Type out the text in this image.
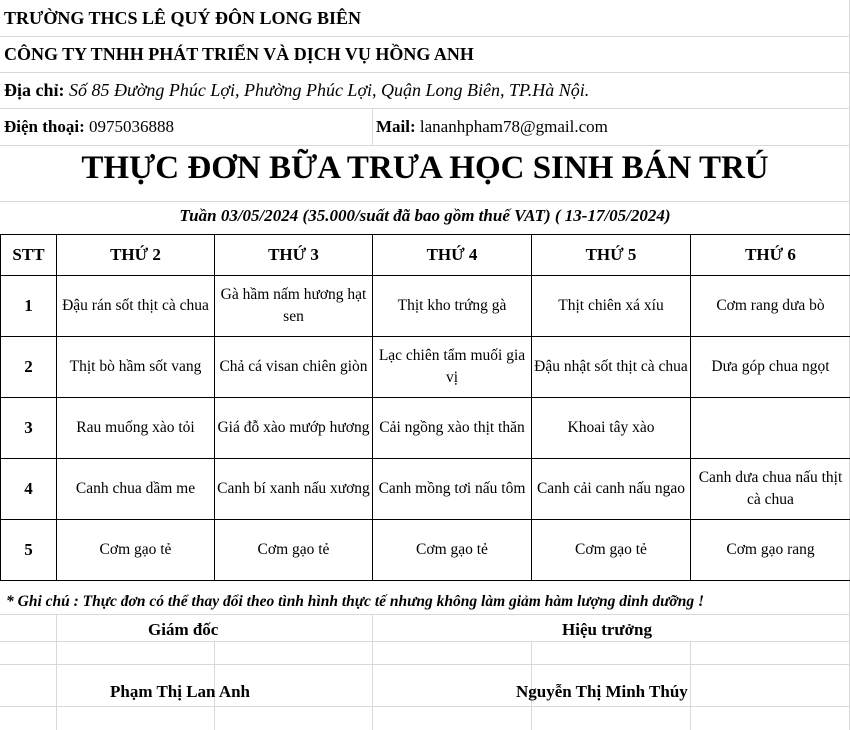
TRƯỜNG THCS LÊ QUÝ ĐÔN LONG BIÊN
CÔNG TY TNHH PHÁT TRIỂN VÀ DỊCH VỤ HỒNG ANH
Địa chỉ: Số 85 Đường Phúc Lợi, Phường Phúc Lợi, Quận Long Biên, TP.Hà Nội.
Điện thoại: 0975036888	Mail: lananhpham78@gmail.com
THỰC ĐƠN BỮA TRƯA HỌC SINH BÁN TRÚ
Tuần 03/05/2024 (35.000/suất đã bao gồm thuế VAT) ( 13-17/05/2024)
STT	THỨ 2	THỨ 3	THỨ 4	THỨ 5	THỨ 6
1	Đậu rán sốt thịt cà chua	Gà hầm nấm hương hạt sen	Thịt kho trứng gà	Thịt chiên xá xíu	Cơm rang dưa bò
2	Thịt bò hầm sốt vang	Chả cá visan chiên giòn	Lạc chiên tẩm muối gia vị	Đậu nhật sốt thịt cà chua	Dưa góp chua ngọt
3	Rau muống xào tỏi	Giá đỗ xào mướp hương	Cải ngồng xào thịt thăn	Khoai tây xào	
4	Canh chua dầm me	Canh bí xanh nấu xương	Canh mồng tơi nấu tôm	Canh cải canh nấu ngao	Canh dưa chua nấu thịt cà chua
5	Cơm gạo tẻ	Cơm gạo tẻ	Cơm gạo tẻ	Cơm gạo tẻ	Cơm gạo rang
* Ghi chú : Thực đơn có thể thay đổi theo tình hình thực tế nhưng không làm giảm hàm lượng dinh dưỡng !
Giám đốc	Hiệu trưởng
Phạm Thị Lan Anh	Nguyễn Thị Minh Thúy
